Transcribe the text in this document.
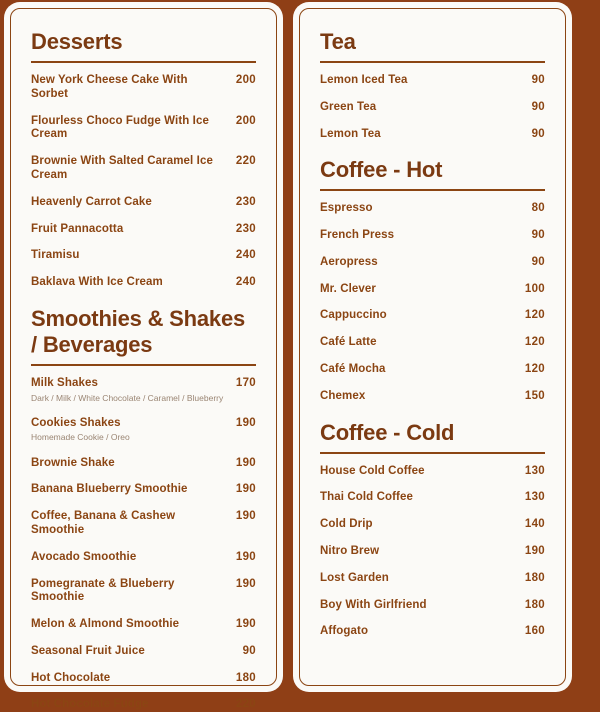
Desserts
New York Cheese Cake With Sorbet
200
Flourless Choco Fudge With Ice Cream
200
Brownie With Salted Caramel Ice Cream
220
Heavenly Carrot Cake	230
Fruit Pannacotta	230
Tiramisu	240
Baklava With Ice Cream	240
Smoothies & Shakes / Beverages
Milk Shakes	170
Dark / Milk / White Chocolate / Caramel / Blueberry
Cookies Shakes	190
Homemade Cookie / Oreo
Brownie Shake	190
Banana Blueberry Smoothie	190
Coffee, Banana & Cashew Smoothie
190
Avocado Smoothie	190
Pomegranate & Blueberry Smoothie
190
Melon & Almond Smoothie	190
Seasonal Fruit Juice	90
Hot Chocolate	180
Hot Chocolate Fudge	220
Tea
Lemon Iced Tea	90
Green Tea	90
Lemon Tea	90
Coffee - Hot
Espresso	80
French Press	90
Aeropress	90
Mr. Clever	100
Cappuccino	120
Café Latte	120
Café Mocha	120
Chemex	150
Coffee - Cold
House Cold Coffee	130
Thai Cold Coffee	130
Cold Drip	140
Nitro Brew	190
Lost Garden	180
Boy With Girlfriend	180
Affogato	160
